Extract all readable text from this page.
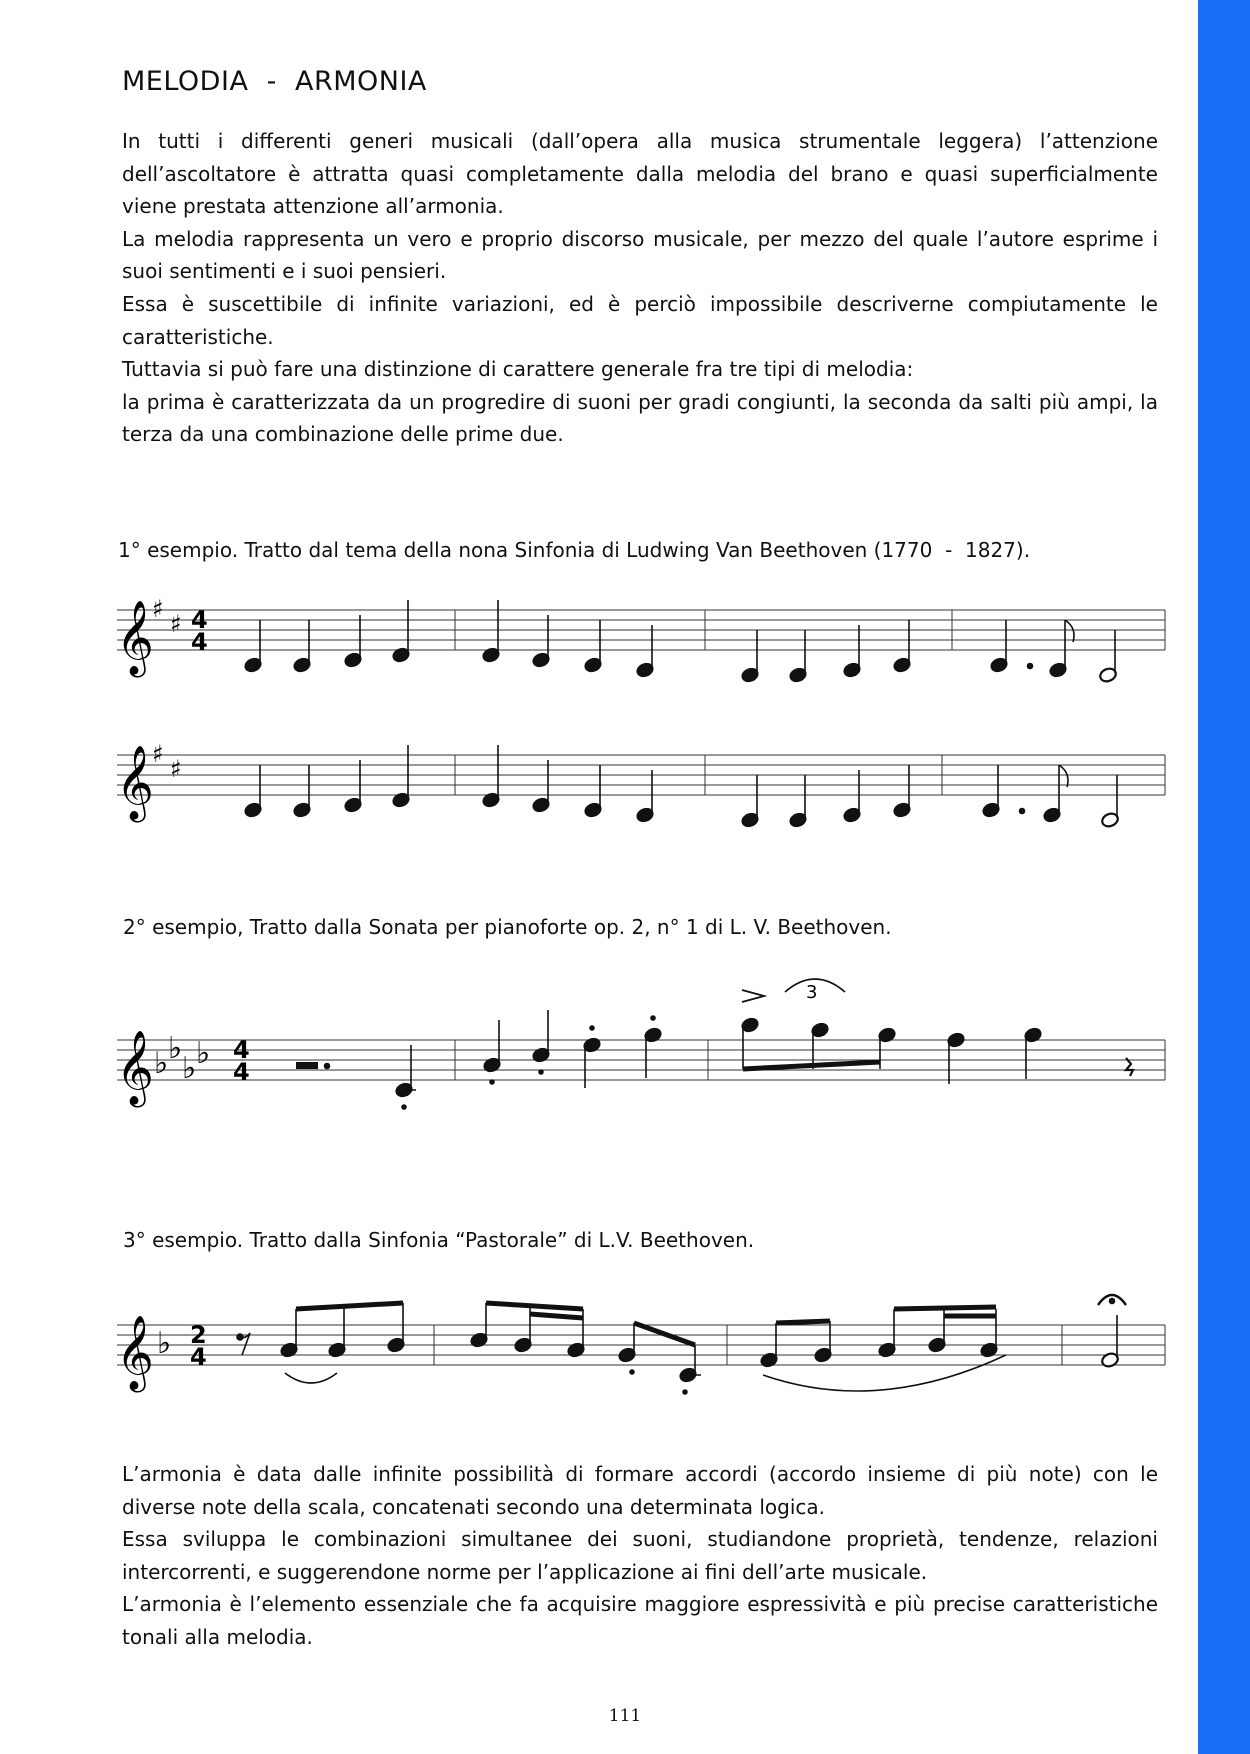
MELODIA  -  ARMONIA
In tutti i differenti generi musicali (dall’opera alla musica strumentale leggera) l’attenzione dell’ascoltatore è attratta quasi completamente dalla melodia del brano e quasi superficialmente viene prestata attenzione all’armonia.
La melodia rappresenta un vero e proprio discorso musicale, per mezzo del quale l’autore esprime i suoi sentimenti e i suoi pensieri.
Essa è suscettibile di infinite variazioni, ed è perciò impossibile descriverne compiutamente le caratteristiche.
Tuttavia si può fare una distinzione di carattere generale fra tre tipi di melodia:
la prima è caratterizzata da un progredire di suoni per gradi congiunti, la seconda da salti più ampi, la terza da una combinazione delle prime due.
1° esempio. Tratto dal tema della nona Sinfonia di Ludwing Van Beethoven (1770  -  1827).
𝄞
♯
♯ 4
4
𝄞
♯
♯
2° esempio, Tratto dalla Sonata per pianoforte op. 2, n° 1 di L. V. Beethoven.
𝄞 ♭ ♭
♭ ♭ 4
4
3
3° esempio. Tratto dalla Sinfonia “Pastorale” di L.V. Beethoven.
𝄞 ♭ 2
4
L’armonia è data dalle infinite possibilità di formare accordi (accordo insieme di più note) con le diverse note della scala, concatenati secondo una determinata logica.
Essa sviluppa le combinazioni simultanee dei suoni, studiandone proprietà, tendenze, relazioni intercorrenti, e suggerendone norme per l’applicazione ai fini dell’arte musicale.
L’armonia è l’elemento essenziale che fa acquisire maggiore espressività e più precise caratteristiche tonali alla melodia.
111
